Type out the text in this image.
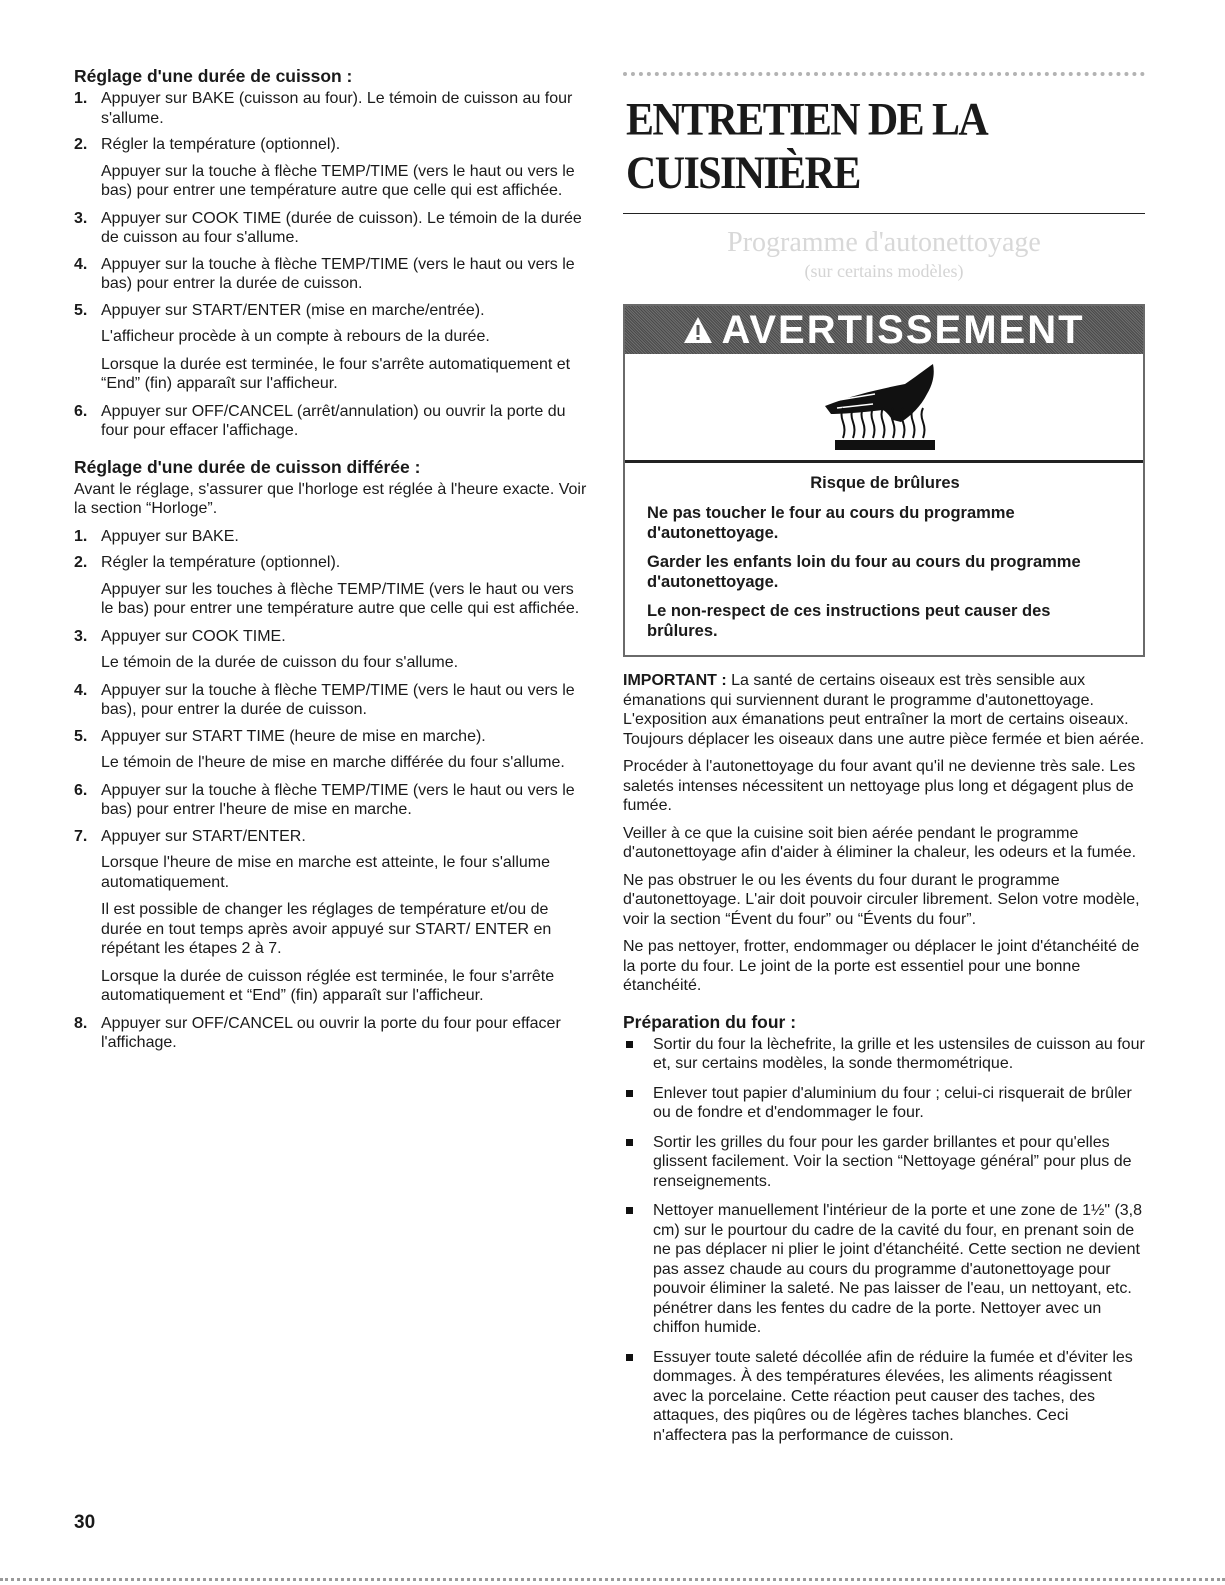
Réglage d'une durée de cuisson :
1. Appuyer sur BAKE (cuisson au four). Le témoin de cuisson au four s'allume.
2. Régler la température (optionnel).
Appuyer sur la touche à flèche TEMP/TIME (vers le haut ou vers le bas) pour entrer une température autre que celle qui est affichée.
3. Appuyer sur COOK TIME (durée de cuisson). Le témoin de la durée de cuisson au four s'allume.
4. Appuyer sur la touche à flèche TEMP/TIME (vers le haut ou vers le bas) pour entrer la durée de cuisson.
5. Appuyer sur START/ENTER (mise en marche/entrée).
L'afficheur procède à un compte à rebours de la durée.
Lorsque la durée est terminée, le four s'arrête automatiquement et “End” (fin) apparaît sur l'afficheur.
6. Appuyer sur OFF/CANCEL (arrêt/annulation) ou ouvrir la porte du four pour effacer l'affichage.
Réglage d'une durée de cuisson différée :
Avant le réglage, s'assurer que l'horloge est réglée à l'heure exacte. Voir la section “Horloge”.
1. Appuyer sur BAKE.
2. Régler la température (optionnel).
Appuyer sur les touches à flèche TEMP/TIME (vers le haut ou vers le bas) pour entrer une température autre que celle qui est affichée.
3. Appuyer sur COOK TIME.
Le témoin de la durée de cuisson du four s'allume.
4. Appuyer sur la touche à flèche TEMP/TIME (vers le haut ou vers le bas), pour entrer la durée de cuisson.
5. Appuyer sur START TIME (heure de mise en marche).
Le témoin de l'heure de mise en marche différée du four s'allume.
6. Appuyer sur la touche à flèche TEMP/TIME (vers le haut ou vers le bas) pour entrer l'heure de mise en marche.
7. Appuyer sur START/ENTER.
Lorsque l'heure de mise en marche est atteinte, le four s'allume automatiquement.
Il est possible de changer les réglages de température et/ou de durée en tout temps après avoir appuyé sur START/ ENTER en répétant les étapes 2 à 7.
Lorsque la durée de cuisson réglée est terminée, le four s'arrête automatiquement et “End” (fin) apparaît sur l'afficheur.
8. Appuyer sur OFF/CANCEL ou ouvrir la porte du four pour effacer l'affichage.
ENTRETIEN DE LA CUISINIÈRE
Programme d'autonettoyage
(sur certains modèles)
AVERTISSEMENT
Risque de brûlures
Ne pas toucher le four au cours du programme d'autonettoyage.
Garder les enfants loin du four au cours du programme d'autonettoyage.
Le non-respect de ces instructions peut causer des brûlures.
IMPORTANT : La santé de certains oiseaux est très sensible aux émanations qui surviennent durant le programme d'autonettoyage. L'exposition aux émanations peut entraîner la mort de certains oiseaux. Toujours déplacer les oiseaux dans une autre pièce fermée et bien aérée.
Procéder à l'autonettoyage du four avant qu'il ne devienne très sale. Les saletés intenses nécessitent un nettoyage plus long et dégagent plus de fumée.
Veiller à ce que la cuisine soit bien aérée pendant le programme d'autonettoyage afin d'aider à éliminer la chaleur, les odeurs et la fumée.
Ne pas obstruer le ou les évents du four durant le programme d'autonettoyage. L'air doit pouvoir circuler librement. Selon votre modèle, voir la section “Évent du four” ou “Évents du four”.
Ne pas nettoyer, frotter, endommager ou déplacer le joint d'étanchéité de la porte du four. Le joint de la porte est essentiel pour une bonne étanchéité.
Préparation du four :
Sortir du four la lèchefrite, la grille et les ustensiles de cuisson au four et, sur certains modèles, la sonde thermométrique.
Enlever tout papier d'aluminium du four ; celui-ci risquerait de brûler ou de fondre et d'endommager le four.
Sortir les grilles du four pour les garder brillantes et pour qu'elles glissent facilement. Voir la section “Nettoyage général” pour plus de renseignements.
Nettoyer manuellement l'intérieur de la porte et une zone de 1½" (3,8 cm) sur le pourtour du cadre de la cavité du four, en prenant soin de ne pas déplacer ni plier le joint d'étanchéité. Cette section ne devient pas assez chaude au cours du programme d'autonettoyage pour pouvoir éliminer la saleté. Ne pas laisser de l'eau, un nettoyant, etc. pénétrer dans les fentes du cadre de la porte. Nettoyer avec un chiffon humide.
Essuyer toute saleté décollée afin de réduire la fumée et d'éviter les dommages. À des températures élevées, les aliments réagissent avec la porcelaine. Cette réaction peut causer des taches, des attaques, des piqûres ou de légères taches blanches. Ceci n'affectera pas la performance de cuisson.
30
